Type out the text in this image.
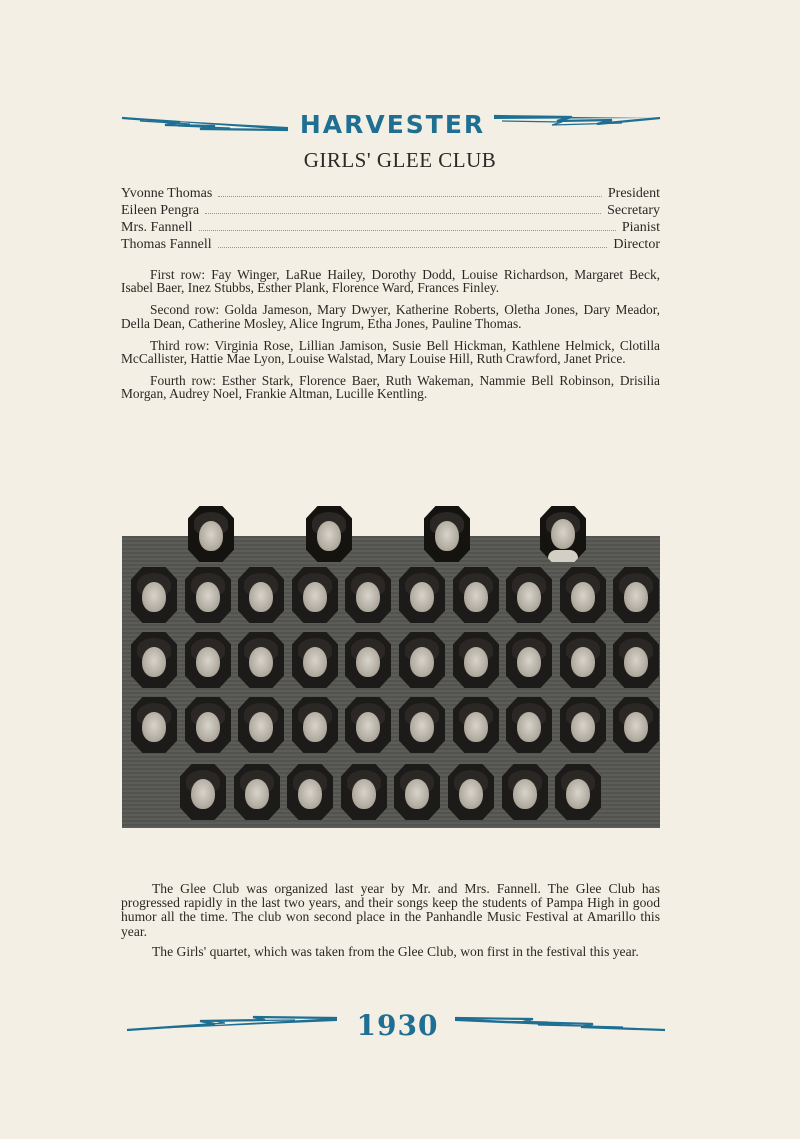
HARVESTER
GIRLS' GLEE CLUB
Yvonne Thomas	President
Eileen Pengra	Secretary
Mrs. Fannell	Pianist
Thomas Fannell	Director

First row: Fay Winger, LaRue Hailey, Dorothy Dodd, Louise Richardson, Margaret Beck, Isabel Baer, Inez Stubbs, Esther Plank, Florence Ward, Frances Finley.

Second row: Golda Jameson, Mary Dwyer, Katherine Roberts, Oletha Jones, Dary Meador, Della Dean, Catherine Mosley, Alice Ingrum, Etha Jones, Pauline Thomas.

Third row: Virginia Rose, Lillian Jamison, Susie Bell Hickman, Kathlene Helmick, Clotilla McCallister, Hattie Mae Lyon, Louise Walstad, Mary Louise Hill, Ruth Crawford, Janet Price.

Fourth row: Esther Stark, Florence Baer, Ruth Wakeman, Nammie Bell Robinson, Drisilia Morgan, Audrey Noel, Frankie Altman, Lucille Kentling.

The Glee Club was organized last year by Mr. and Mrs. Fannell. The Glee Club has progressed rapidly in the last two years, and their songs keep the students of Pampa High in good humor all the time. The club won second place in the Panhandle Music Festival at Amarillo this year.

The Girls' quartet, which was taken from the Glee Club, won first in the festival this year.

1930
